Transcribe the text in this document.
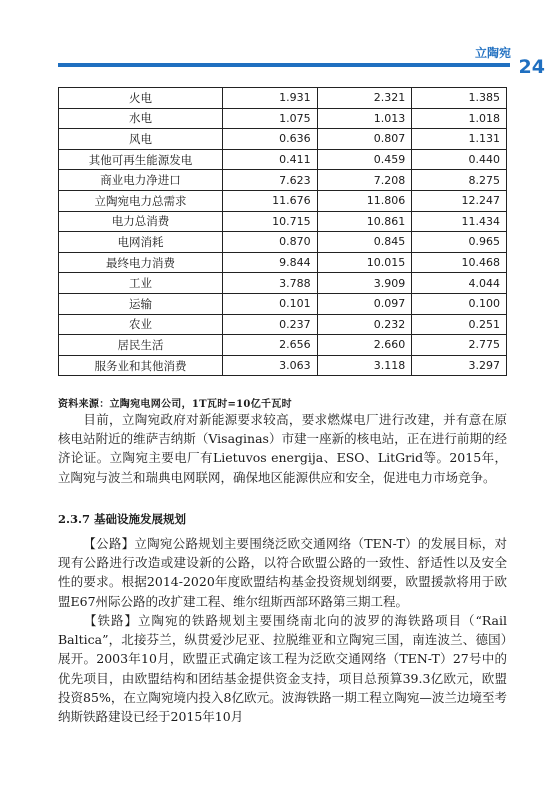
立陶宛
24
火电	1.931	2.321	1.385
水电	1.075	1.013	1.018
风电	0.636	0.807	1.131
其他可再生能源发电	0.411	0.459	0.440
商业电力净进口	7.623	7.208	8.275
立陶宛电力总需求	11.676	11.806	12.247
电力总消费	10.715	10.861	11.434
电网消耗	0.870	0.845	0.965
最终电力消费	9.844	10.015	10.468
工业	3.788	3.909	4.044
运输	0.101	0.097	0.100
农业	0.237	0.232	0.251
居民生活	2.656	2.660	2.775
服务业和其他消费	3.063	3.118	3.297
资料来源：立陶宛电网公司，1T瓦时=10亿千瓦时

目前，立陶宛政府对新能源要求较高，要求燃煤电厂进行改建，并有意在原核电站附近的维萨吉纳斯（Visaginas）市建一座新的核电站，正在进行前期的经济论证。立陶宛主要电厂有Lietuvos energija、ESO、LitGrid等。2015年，立陶宛与波兰和瑞典电网联网，确保地区能源供应和安全，促进电力市场竞争。

2.3.7 基础设施发展规划

【公路】立陶宛公路规划主要围绕泛欧交通网络（TEN-T）的发展目标，对现有公路进行改造或建设新的公路，以符合欧盟公路的一致性、舒适性以及安全性的要求。根据2014-2020年度欧盟结构基金投资规划纲要，欧盟援款将用于欧盟E67州际公路的改扩建工程、维尔纽斯西部环路第三期工程。

【铁路】立陶宛的铁路规划主要围绕南北向的波罗的海铁路项目（“Rail Baltica”，北接芬兰，纵贯爱沙尼亚、拉脱维亚和立陶宛三国，南连波兰、德国）展开。2003年10月，欧盟正式确定该工程为泛欧交通网络（TEN-T）27号中的优先项目，由欧盟结构和团结基金提供资金支持，项目总预算39.3亿欧元，欧盟投资85%，在立陶宛境内投入8亿欧元。波海铁路一期工程立陶宛—波兰边境至考纳斯铁路建设已经于2015年10月
